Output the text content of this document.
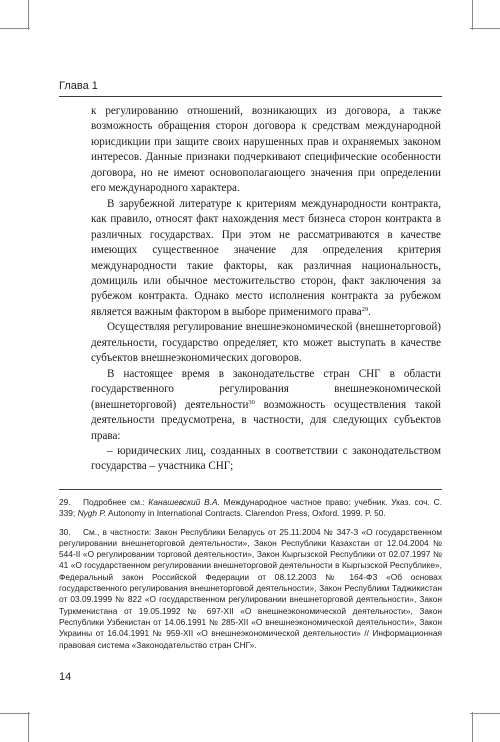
Глава 1

к регулированию отношений, возникающих из договора, а также возможность обращения сторон договора к средствам международной юрисдикции при защите своих нарушенных прав и охраняемых законом интересов. Данные признаки подчеркивают специфические особенности договора, но не имеют основополагающего значения при определении его международного характера.

В зарубежной литературе к критериям международности контракта, как правило, относят факт нахождения мест бизнеса сторон контракта в различных государствах. При этом не рассматриваются в качестве имеющих существенное значение для определения критерия международности такие факторы, как различная национальность, домициль или обычное местожительство сторон, факт заключения за рубежом контракта. Однако место исполнения контракта за рубежом является важным фактором в выборе применимого права$^{29}$.

Осуществляя регулирование внешнеэкономической (внешнеторговой) деятельности, государство определяет, кто может выступать в качестве субъектов внешнеэкономических договоров.

В настоящее время в законодательстве стран СНГ в области государственного регулирования внешнеэкономической (внешнеторговой) деятельности$^{30}$ возможность осуществления такой деятельности предусмотрена, в частности, для следующих субъектов права:

– юридических лиц, созданных в соответствии с законодательством государства – участника СНГ;

29. Подробнее см.: Канашевский В.А. Международное частное право: учебник. Указ. соч. С. 339; Nygh P. Autonomy in International Contracts. Clarendon Press, Oxford. 1999. P. 50.

30. См., в частности: Закон Республики Беларусь от 25.11.2004 № 347-З «О государственном регулировании внешнеторговой деятельности», Закон Республики Казахстан от 12.04.2004 № 544-II «О регулировании торговой деятельности», Закон Кыргызской Республики от 02.07.1997 № 41 «О государственном регулировании внешнеторговой деятельности в Кыргызской Республике», Федеральный закон Российской Федерации от 08.12.2003 № 164-ФЗ «Об основах государственного регулирования внешнеторговой деятельности», Закон Республики Таджикистан от 03.09.1999 № 822 «О государственном регулировании внешнеторговой деятельности», Закон Туркменистана от 19.05.1992 № 697-XII «О внешнеэкономической деятельности», Закон Республики Узбекистан от 14.06.1991 № 285-XII «О внешнеэкономической деятельности», Закон Украины от 16.04.1991 № 959-XII «О внешнеэкономической деятельности» // Информационная правовая система «Законодательство стран СНГ».

14
